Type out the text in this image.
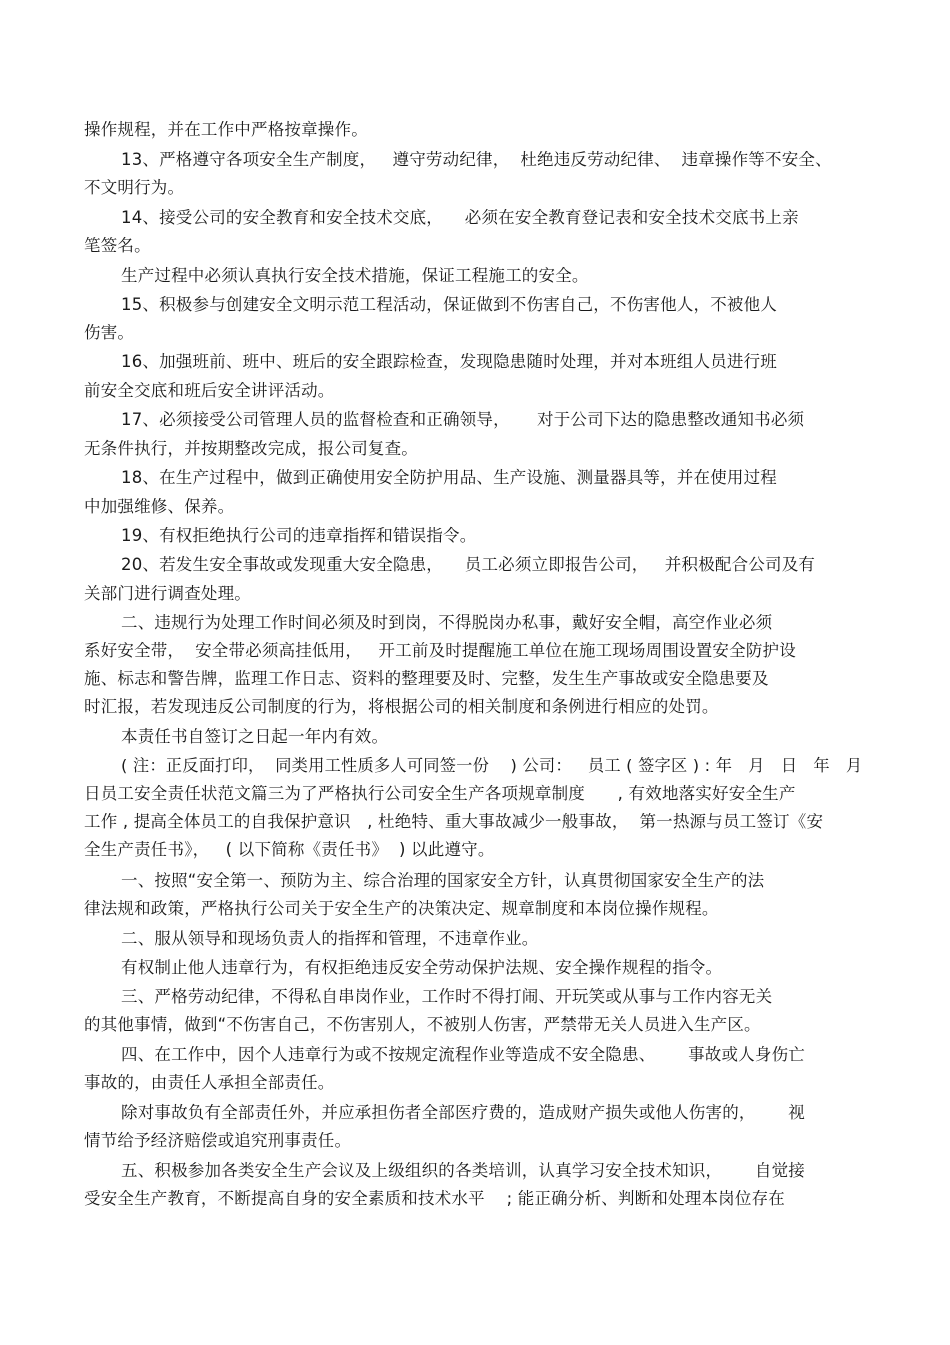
操作规程，并在工作中严格按章操作。
13、严格遵守各项安全生产制度，   遵守劳动纪律，  杜绝违反劳动纪律、  违章操作等不安全、
不文明行为。
14、接受公司的安全教育和安全技术交底，    必须在安全教育登记表和安全技术交底书上亲
笔签名。
生产过程中必须认真执行安全技术措施，保证工程施工的安全。
15、积极参与创建安全文明示范工程活动，保证做到不伤害自己，不伤害他人，不被他人
伤害。
16、加强班前、班中、班后的安全跟踪检查，发现隐患随时处理，并对本班组人员进行班
前安全交底和班后安全讲评活动。
17、必须接受公司管理人员的监督检查和正确领导，     对于公司下达的隐患整改通知书必须
无条件执行，并按期整改完成，报公司复查。
18、在生产过程中，做到正确使用安全防护用品、生产设施、测量器具等，并在使用过程
中加强维修、保养。
19、有权拒绝执行公司的违章指挥和错误指令。
20、若发生安全事故或发现重大安全隐患，    员工必须立即报告公司，   并积极配合公司及有
关部门进行调查处理。
二、违规行为处理工作时间必须及时到岗，不得脱岗办私事，戴好安全帽，高空作业必须
系好安全带，  安全带必须高挂低用，   开工前及时提醒施工单位在施工现场周围设置安全防护设
施、标志和警告牌，监理工作日志、资料的整理要及时、完整，发生生产事故或安全隐患要及
时汇报，若发现违反公司制度的行为，将根据公司的相关制度和条例进行相应的处罚。
本责任书自签订之日起一年内有效。
( 注：正反面打印，  同类用工性质多人可同签一份    ) 公司：   员工 ( 签字区 ) : 年   月   日   年   月
日员工安全责任状范文篇三为了严格执行公司安全生产各项规章制度      , 有效地落实好安全生产
工作 , 提高全体员工的自我保护意识   , 杜绝特、重大事故减少一般事故，  第一热源与员工签订《安
全生产责任书》，   ( 以下简称《责任书》  ) 以此遵守。
一、按照“安全第一、预防为主、综合治理的国家安全方针，认真贯彻国家安全生产的法
律法规和政策，严格执行公司关于安全生产的决策决定、规章制度和本岗位操作规程。
二、服从领导和现场负责人的指挥和管理，不违章作业。
有权制止他人违章行为，有权拒绝违反安全劳动保护法规、安全操作规程的指令。
三、严格劳动纪律，不得私自串岗作业，工作时不得打闹、开玩笑或从事与工作内容无关
的其他事情，做到“不伤害自己，不伤害别人，不被别人伤害，严禁带无关人员进入生产区。
四、在工作中，因个人违章行为或不按规定流程作业等造成不安全隐患、      事故或人身伤亡
事故的，由责任人承担全部责任。
除对事故负有全部责任外，并应承担伤者全部医疗费的，造成财产损失或他人伤害的，      视
情节给予经济赔偿或追究刑事责任。
五、积极参加各类安全生产会议及上级组织的各类培训，认真学习安全技术知识，      自觉接
受安全生产教育，不断提高自身的安全素质和技术水平    ; 能正确分析、判断和处理本岗位存在
